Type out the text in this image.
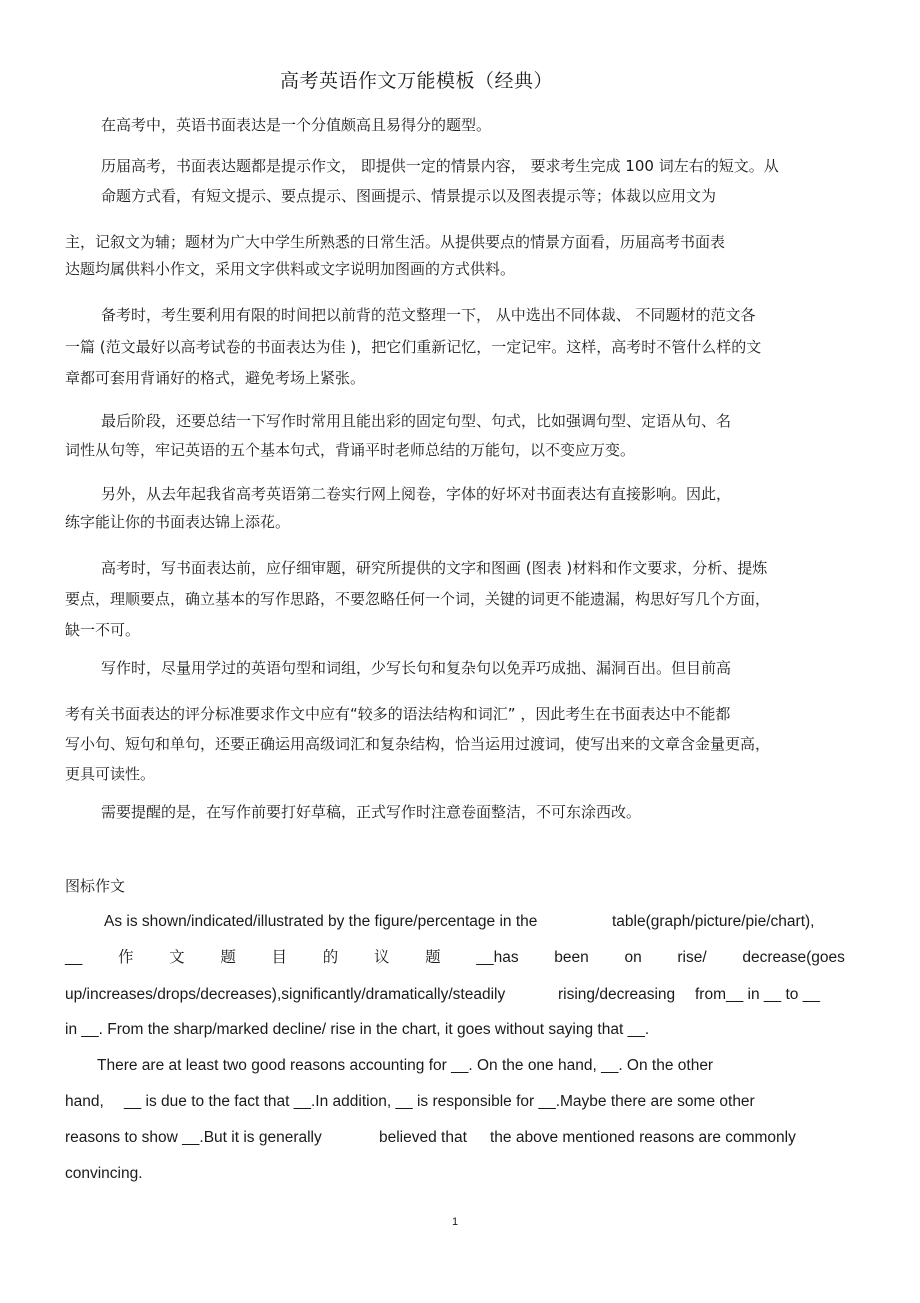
高考英语作文万能模板（经典）

在高考中，英语书面表达是一个分值颇高且易得分的题型。

历届高考，书面表达题都是提示作文， 即提供一定的情景内容， 要求考生完成 100 词左右的短文。从

命题方式看，有短文提示、要点提示、图画提示、情景提示以及图表提示等；体裁以应用文为

主，记叙文为辅；题材为广大中学生所熟悉的日常生活。从提供要点的情景方面看，历届高考书面表

达题均属供料小作文，采用文字供料或文字说明加图画的方式供料。

备考时，考生要利用有限的时间把以前背的范文整理一下， 从中选出不同体裁、 不同题材的范文各

一篇 (范文最好以高考试卷的书面表达为佳 )，把它们重新记忆，一定记牢。这样，高考时不管什么样的文

章都可套用背诵好的格式，避免考场上紧张。

最后阶段，还要总结一下写作时常用且能出彩的固定句型、句式，比如强调句型、定语从句、名

词性从句等，牢记英语的五个基本句式，背诵平时老师总结的万能句，以不变应万变。

另外，从去年起我省高考英语第二卷实行网上阅卷，字体的好坏对书面表达有直接影响。因此，

练字能让你的书面表达锦上添花。

高考时，写书面表达前，应仔细审题，研究所提供的文字和图画 (图表 )材料和作文要求，分析、提炼

要点，理顺要点，确立基本的写作思路，不要忽略任何一个词，关键的词更不能遗漏，构思好写几个方面，

缺一不可。

写作时，尽量用学过的英语句型和词组，少写长句和复杂句以免弄巧成拙、漏洞百出。但目前高

考有关书面表达的评分标准要求作文中应有“较多的语法结构和词汇” ，因此考生在书面表达中不能都

写小句、短句和单句，还要正确运用高级词汇和复杂结构，恰当运用过渡词，使写出来的文章含金量更高，

更具可读性。

需要提醒的是，在写作前要打好草稿，正式写作时注意卷面整洁，不可东涂西改。

图标作文

As is shown/indicated/illustrated by the figure/percentage in the	table(graph/picture/pie/chart),

__ 作 文 题 目 的 议 题 __has been on rise/ decrease(goes

up/increases/drops/decreases),significantly/dramatically/steadily	rising/decreasing from__ in __ to __

in __. From the sharp/marked decline/ rise in the chart, it goes without saying that __.

There are at least two good reasons accounting for __. On the one hand, __. On the other

hand, __ is due to the fact that __.In addition, __ is responsible for __.Maybe there are some other

reasons to show __.But it is generally	believed that the above mentioned reasons are commonly

convincing.

1
